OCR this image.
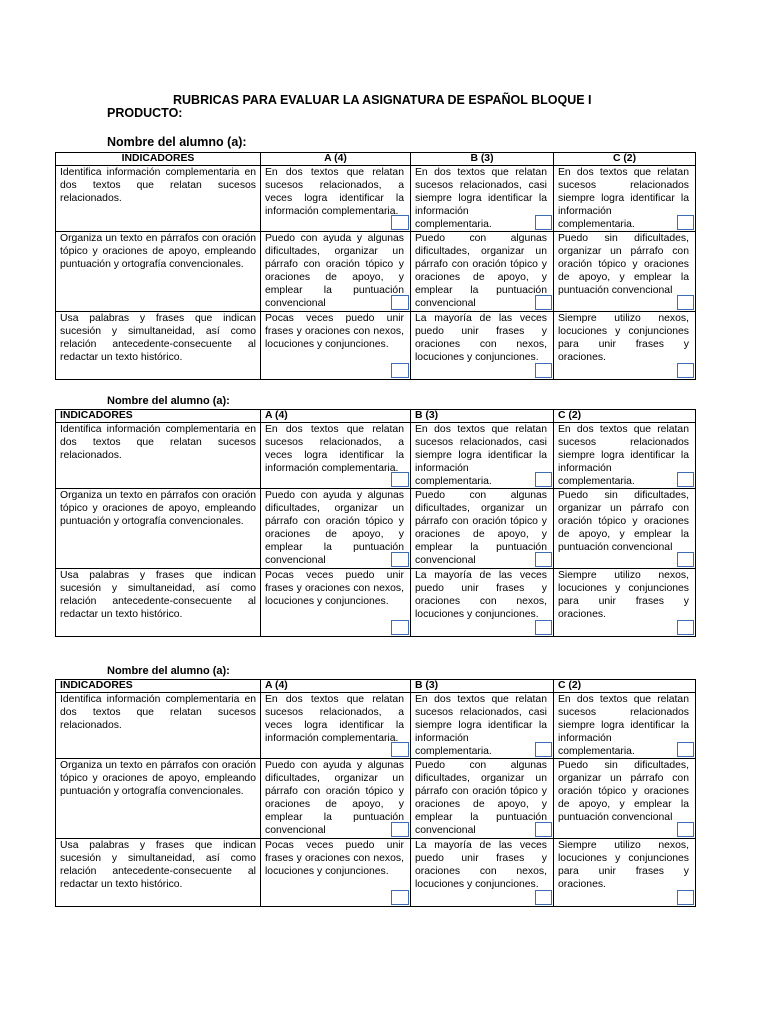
RUBRICAS PARA EVALUAR LA ASIGNATURA DE ESPAÑOL BLOQUE I
PRODUCTO:
Nombre del alumno (a):
INDICADORES	A (4)	B (3)	C (2)
Identifica información complementaria en dos textos que relatan sucesos relacionados.	En dos textos que relatan sucesos relacionados, a veces logra identificar la información complementaria.	En dos textos que relatan sucesos relacionados, casi siempre logra identificar la información complementaria.	En dos textos que relatan sucesos relacionados siempre logra identificar la información complementaria.

Organiza un texto en párrafos con oración tópico y oraciones de apoyo, empleando puntuación y ortografía convencionales.	Puedo con ayuda y algunas dificultades, organizar un párrafo con oración tópico y oraciones de apoyo, y emplear la puntuación convencional	Puedo con algunas dificultades, organizar un párrafo con oración tópico y oraciones de apoyo, y emplear la puntuación convencional	Puedo sin dificultades, organizar un párrafo con oración tópico y oraciones de apoyo, y emplear la puntuación convencional

Usa palabras y frases que indican sucesión y simultaneidad, así como relación antecedente-consecuente al redactar un texto histórico.	Pocas veces puedo unir frases y oraciones con nexos, locuciones y conjunciones.	La mayoría de las veces puedo unir frases y oraciones con nexos, locuciones y conjunciones.	Siempre utilizo nexos, locuciones y conjunciones para unir frases y oraciones.
Nombre del alumno (a):
INDICADORES	A (4)	B (3)	C (2)
Identifica información complementaria en dos textos que relatan sucesos relacionados.	En dos textos que relatan sucesos relacionados, a veces logra identificar la información complementaria.	En dos textos que relatan sucesos relacionados, casi siempre logra identificar la información complementaria.	En dos textos que relatan sucesos relacionados siempre logra identificar la información complementaria.

Organiza un texto en párrafos con oración tópico y oraciones de apoyo, empleando puntuación y ortografía convencionales.	Puedo con ayuda y algunas dificultades, organizar un párrafo con oración tópico y oraciones de apoyo, y emplear la puntuación convencional	Puedo con algunas dificultades, organizar un párrafo con oración tópico y oraciones de apoyo, y emplear la puntuación convencional	Puedo sin dificultades, organizar un párrafo con oración tópico y oraciones de apoyo, y emplear la puntuación convencional

Usa palabras y frases que indican sucesión y simultaneidad, así como relación antecedente-consecuente al redactar un texto histórico.	Pocas veces puedo unir frases y oraciones con nexos, locuciones y conjunciones.	La mayoría de las veces puedo unir frases y oraciones con nexos, locuciones y conjunciones.	Siempre utilizo nexos, locuciones y conjunciones para unir frases y oraciones.
Nombre del alumno (a):
INDICADORES	A (4)	B (3)	C (2)
Identifica información complementaria en dos textos que relatan sucesos relacionados.	En dos textos que relatan sucesos relacionados, a veces logra identificar la información complementaria.	En dos textos que relatan sucesos relacionados, casi siempre logra identificar la información complementaria.	En dos textos que relatan sucesos relacionados siempre logra identificar la información complementaria.

Organiza un texto en párrafos con oración tópico y oraciones de apoyo, empleando puntuación y ortografía convencionales.	Puedo con ayuda y algunas dificultades, organizar un párrafo con oración tópico y oraciones de apoyo, y emplear la puntuación convencional	Puedo con algunas dificultades, organizar un párrafo con oración tópico y oraciones de apoyo, y emplear la puntuación convencional	Puedo sin dificultades, organizar un párrafo con oración tópico y oraciones de apoyo, y emplear la puntuación convencional

Usa palabras y frases que indican sucesión y simultaneidad, así como relación antecedente-consecuente al redactar un texto histórico.	Pocas veces puedo unir frases y oraciones con nexos, locuciones y conjunciones.	La mayoría de las veces puedo unir frases y oraciones con nexos, locuciones y conjunciones.	Siempre utilizo nexos, locuciones y conjunciones para unir frases y oraciones.
